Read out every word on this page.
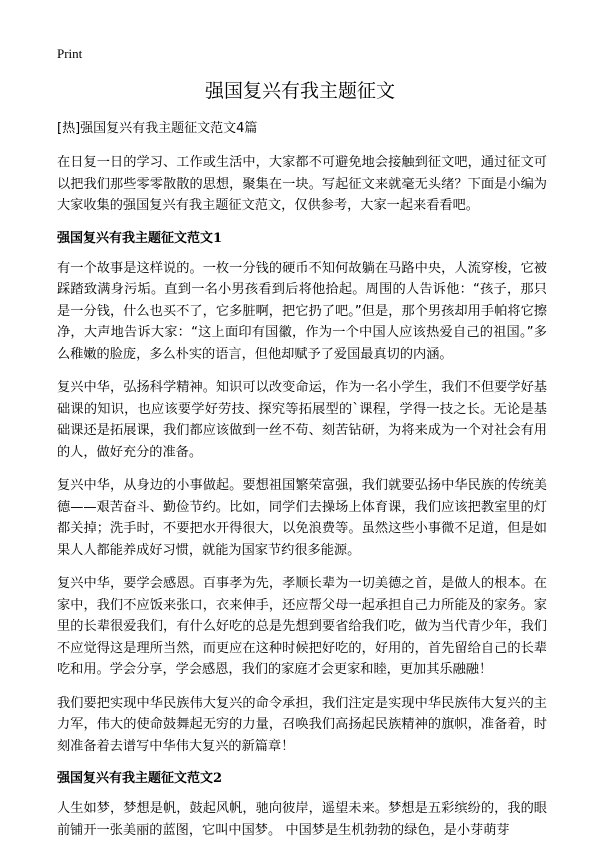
Print
强国复兴有我主题征文

[热]强国复兴有我主题征文范文4篇

在日复一日的学习、工作或生活中，大家都不可避免地会接触到征文吧，通过征文可以把我们那些零零散散的思想，聚集在一块。写起征文来就毫无头绪？下面是小编为大家收集的强国复兴有我主题征文范文，仅供参考，大家一起来看看吧。

强国复兴有我主题征文范文1

有一个故事是这样说的。一枚一分钱的硬币不知何故躺在马路中央，人流穿梭，它被踩踏致满身污垢。直到一名小男孩看到后将他拾起。周围的人告诉他：“孩子，那只是一分钱，什么也买不了，它多脏啊，把它扔了吧。”但是，那个男孩却用手帕将它擦净，大声地告诉大家：“这上面印有国徽，作为一个中国人应该热爱自己的祖国。”多么稚嫩的脸庞，多么朴实的语言，但他却赋予了爱国最真切的内涵。

复兴中华，弘扬科学精神。知识可以改变命运，作为一名小学生，我们不但要学好基础课的知识，也应该要学好劳技、探究等拓展型的`课程，学得一技之长。无论是基础课还是拓展课，我们都应该做到一丝不苟、刻苦钻研，为将来成为一个对社会有用的人，做好充分的准备。

复兴中华，从身边的小事做起。要想祖国繁荣富强，我们就要弘扬中华民族的传统美德——艰苦奋斗、勤俭节约。比如，同学们去操场上体育课，我们应该把教室里的灯都关掉；洗手时，不要把水开得很大，以免浪费等。虽然这些小事微不足道，但是如果人人都能养成好习惯，就能为国家节约很多能源。

复兴中华，要学会感恩。百事孝为先，孝顺长辈为一切美德之首，是做人的根本。在家中，我们不应饭来张口，衣来伸手，还应帮父母一起承担自己力所能及的家务。家里的长辈很爱我们，有什么好吃的总是先想到要省给我们吃，做为当代青少年，我们不应觉得这是理所当然，而更应在这种时候把好吃的，好用的，首先留给自己的长辈吃和用。学会分享，学会感恩，我们的家庭才会更家和睦，更加其乐融融！

我们要把实现中华民族伟大复兴的命令承担，我们注定是实现中华民族伟大复兴的主力军，伟大的使命鼓舞起无穷的力量，召唤我们高扬起民族精神的旗帜，准备着，时刻准备着去谱写中华伟大复兴的新篇章！

强国复兴有我主题征文范文2

人生如梦，梦想是帆，鼓起风帆，驰向彼岸，遥望未来。梦想是五彩缤纷的，我的眼前铺开一张美丽的蓝图，它叫中国梦。 中国梦是生机勃勃的绿色，是小芽萌芽
